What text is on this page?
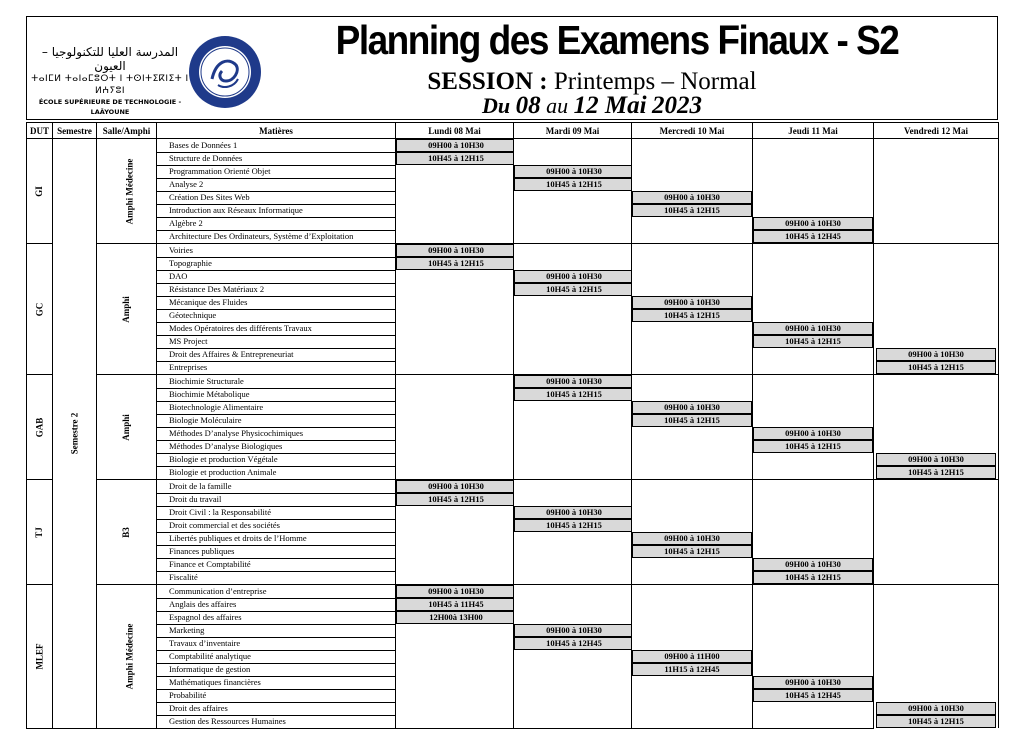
المدرسة العليا للتكنولوجيا – العيون
ⵜⴰⵏⵎⵍ ⵜⴰⵏⴰⵎⵓⵔⵜ ⵏ ⵜⵙⵏⵜⵉⴽⵏⵉⵜ ⵏ ⵍⵄⵢⵓⵏ
ÉCOLE SUPÉRIEURE DE TECHNOLOGIE - LAÂYOUNE
Planning des Examens Finaux - S2
SESSION : Printemps – Normal
Du 08 au 12 Mai 2023
DUT	Semestre	Salle/Amphi	Matières	Lundi 08 Mai	Mardi 09 Mai	Mercredi 10 Mai	Jeudi 11 Mai	Vendredi 12 Mai
GI	Semestre 2	Amphi Médecine	Bases de Données 1	09H00 à 10H30				

			Structure de Données	10H45 à 12H15				

			Programmation Orienté Objet		09H00 à 10H30			

			Analyse 2		10H45 à 12H15			

			Création Des Sites Web			09H00 à 10H30		

			Introduction aux Réseaux Informatique			10H45 à 12H15		

			Algèbre 2				09H00 à 10H30	

			Architecture Des Ordinateurs, Système d’Exploitation				10H45 à 12H45	

GC		Amphi	Voiries	09H00 à 10H30				

			Topographie	10H45 à 12H15				

			DAO		09H00 à 10H30			

			Résistance Des Matériaux 2		10H45 à 12H15			

			Mécanique des Fluides			09H00 à 10H30		

			Géotechnique			10H45 à 12H15		

			Modes Opératoires des différents Travaux				09H00 à 10H30	

			MS Project				10H45 à 12H15	

			Droit des Affaires & Entrepreneuriat					09H00 à 10H30

			Entreprises					10H45 à 12H15

GAB		Amphi	Biochimie Structurale		09H00 à 10H30			

			Biochimie Métabolique		10H45 à 12H15			

			Biotechnologie Alimentaire			09H00 à 10H30		

			Biologie Moléculaire			10H45 à 12H15		

			Méthodes D’analyse Physicochimiques				09H00 à 10H30	

			Méthodes D’analyse Biologiques				10H45 à 12H15	

			Biologie et production Végétale					09H00 à 10H30

			Biologie et production Animale					10H45 à 12H15

TJ		B3	Droit de la famille	09H00 à 10H30				

			Droit du travail	10H45 à 12H15				

			Droit Civil : la Responsabilité		09H00 à 10H30			

			Droit commercial et des sociétés		10H45 à 12H15			

			Libertés publiques et droits de l’Homme			09H00 à 10H30		

			Finances publiques			10H45 à 12H15		

			Finance et Comptabilité				09H00 à 10H30	

			Fiscalité				10H45 à 12H15	

MLEF		Amphi Médecine	Communication d’entreprise	09H00 à 10H30				

			Anglais des affaires	10H45 à 11H45				

			Espagnol des affaires	12H00à 13H00				

			Marketing		09H00 à 10H30			

			Travaux d’inventaire		10H45 à 12H45			

			Comptabilité analytique			09H00 à 11H00		

			Informatique de gestion			11H15 à 12H45		

			Mathématiques financières				09H00 à 10H30	

			Probabilité				10H45 à 12H45	

			Droit des affaires					09H00 à 10H30

			Gestion des Ressources Humaines					10H45 à 12H15
